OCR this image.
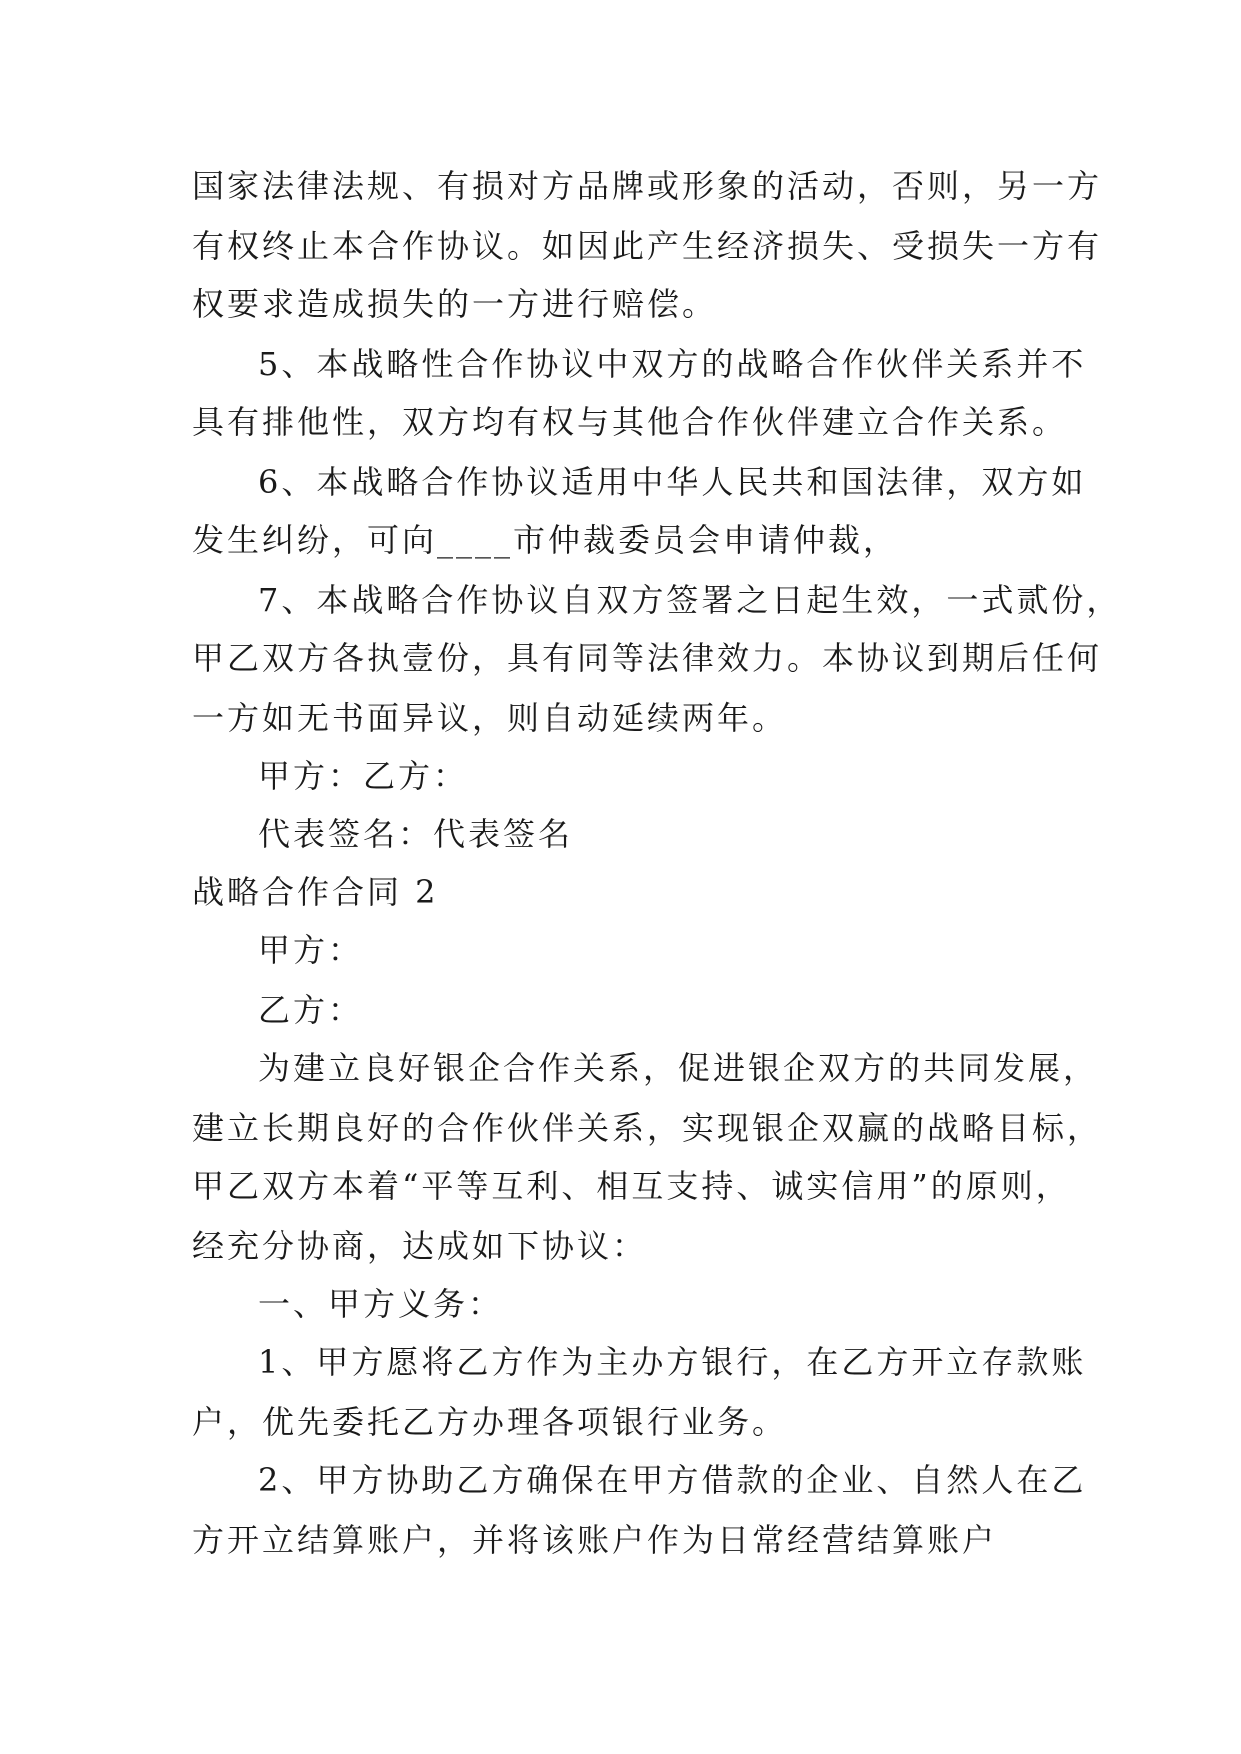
国家法律法规、有损对方品牌或形象的活动，否则，另一方
有权终止本合作协议。如因此产生经济损失、受损失一方有
权要求造成损失的一方进行赔偿。
5、本战略性合作协议中双方的战略合作伙伴关系并不
具有排他性，双方均有权与其他合作伙伴建立合作关系。
6、本战略合作协议适用中华人民共和国法律，双方如
发生纠纷，可向____市仲裁委员会申请仲裁，
7、本战略合作协议自双方签署之日起生效，一式贰份，
甲乙双方各执壹份，具有同等法律效力。本协议到期后任何
一方如无书面异议，则自动延续两年。
甲方：乙方：
代表签名：代表签名
战略合作合同 2
甲方：
乙方：
为建立良好银企合作关系，促进银企双方的共同发展，
建立长期良好的合作伙伴关系，实现银企双赢的战略目标，
甲乙双方本着“平等互利、相互支持、诚实信用”的原则，
经充分协商，达成如下协议：
一、甲方义务：
1、甲方愿将乙方作为主办方银行，在乙方开立存款账
户，优先委托乙方办理各项银行业务。
2、甲方协助乙方确保在甲方借款的企业、自然人在乙
方开立结算账户，并将该账户作为日常经营结算账户
